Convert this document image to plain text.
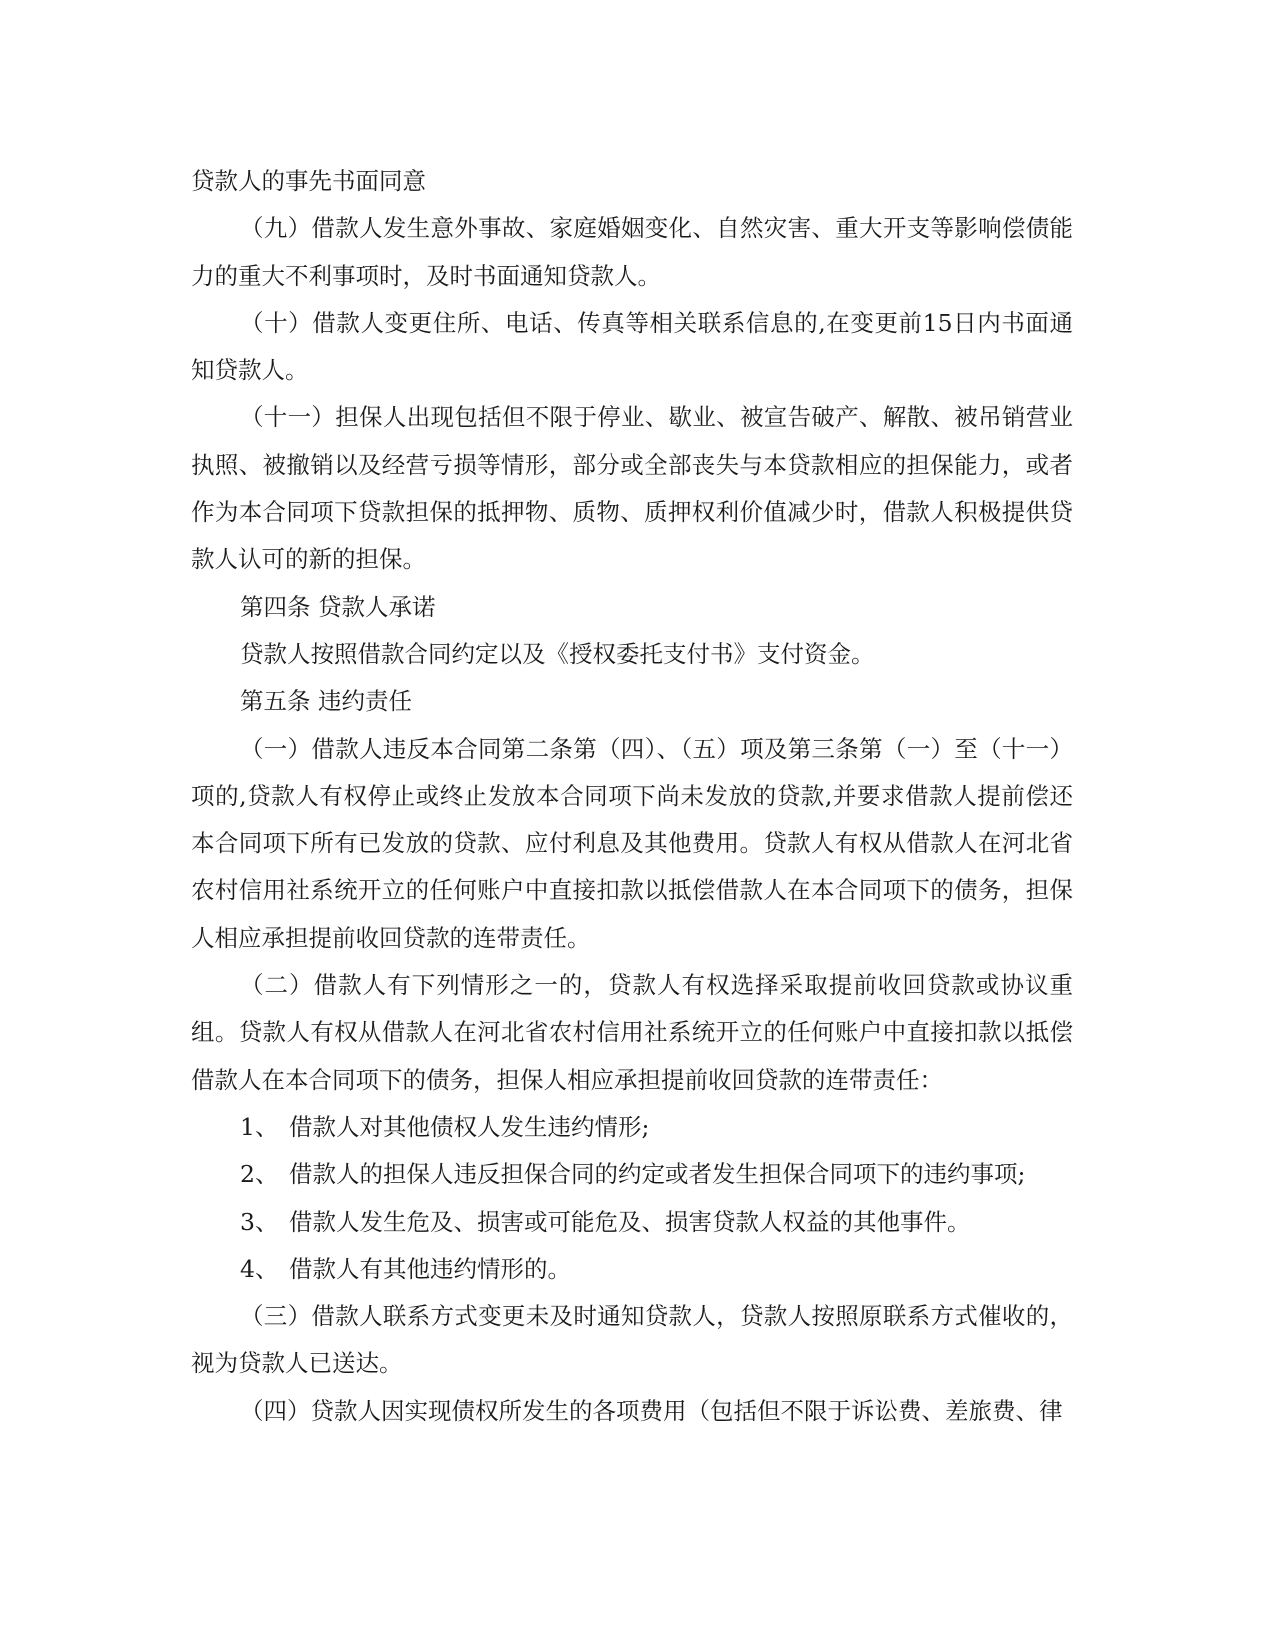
贷款人的事先书面同意

（九）借款人发生意外事故、家庭婚姻变化、自然灾害、重大开支等影响偿债能力的重大不利事项时，及时书面通知贷款人。

（十）借款人变更住所、电话、传真等相关联系信息的,在变更前15日内书面通知贷款人。

（十一）担保人出现包括但不限于停业、歇业、被宣告破产、解散、被吊销营业执照、被撤销以及经营亏损等情形，部分或全部丧失与本贷款相应的担保能力，或者作为本合同项下贷款担保的抵押物、质物、质押权利价值减少时，借款人积极提供贷款人认可的新的担保。

第四条 贷款人承诺

贷款人按照借款合同约定以及《授权委托支付书》支付资金。

第五条 违约责任

（一）借款人违反本合同第二条第（四）、（五）项及第三条第（一）至（十一）项的,贷款人有权停止或终止发放本合同项下尚未发放的贷款,并要求借款人提前偿还本合同项下所有已发放的贷款、应付利息及其他费用。贷款人有权从借款人在河北省农村信用社系统开立的任何账户中直接扣款以抵偿借款人在本合同项下的债务，担保人相应承担提前收回贷款的连带责任。

（二）借款人有下列情形之一的，贷款人有权选择采取提前收回贷款或协议重组。贷款人有权从借款人在河北省农村信用社系统开立的任何账户中直接扣款以抵偿借款人在本合同项下的债务，担保人相应承担提前收回贷款的连带责任：

1、 借款人对其他债权人发生违约情形;
2、 借款人的担保人违反担保合同的约定或者发生担保合同项下的违约事项;
3、 借款人发生危及、损害或可能危及、损害贷款人权益的其他事件。
4、 借款人有其他违约情形的。

（三）借款人联系方式变更未及时通知贷款人，贷款人按照原联系方式催收的，视为贷款人已送达。

（四）贷款人因实现债权所发生的各项费用（包括但不限于诉讼费、差旅费、律
